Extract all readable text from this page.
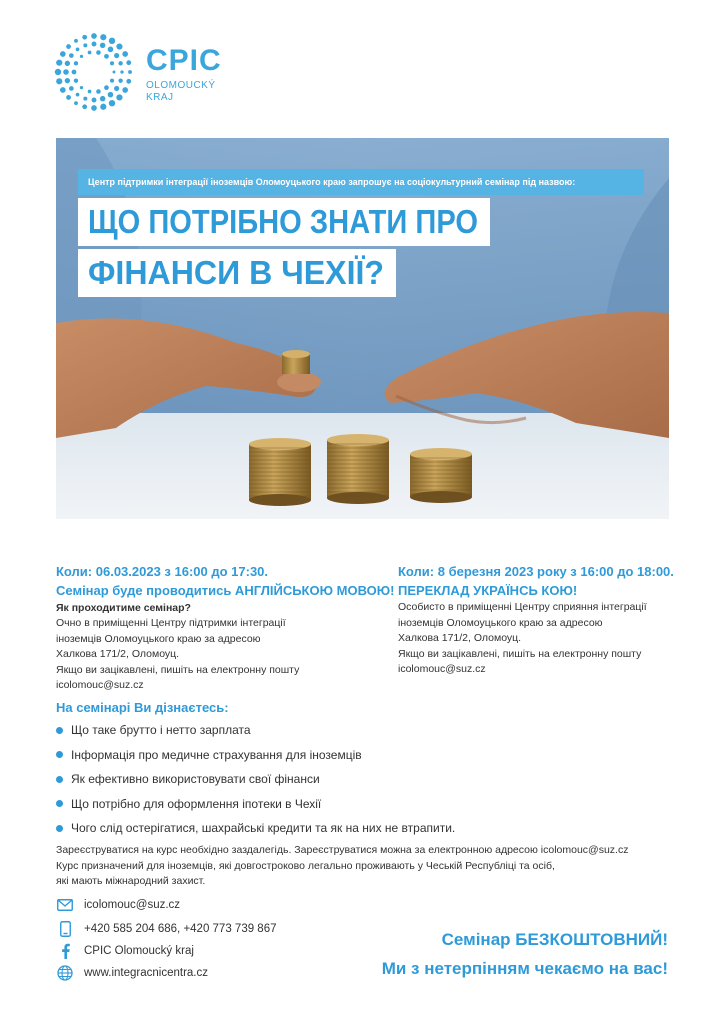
CPIC
OLOMOUCKÝ
KRAJ
Центр підтримки інтеграції іноземців Оломоуцького краю запрошує на соціокультурний семінар під назвою:
ЩО ПОТРІБНО ЗНАТИ ПРО
ФІНАНСИ В ЧЕХІЇ?
Коли: 06.03.2023 з 16:00 до 17:30.
Семінар буде проводитись АНГЛІЙСЬКОЮ МОВОЮ!
Як проходитиме семінар?
Очно в приміщенні Центру підтримки інтеграції
іноземців Оломоуцького краю за адресою
Халкова 171/2, Оломоуц.
Якщо ви зацікавлені, пишіть на електронну пошту
icolomouc@suz.cz
Коли: 8 березня 2023 року з 16:00 до 18:00.
ПЕРЕКЛАД УКРАЇНСЬ КОЮ!
Особисто в приміщенні Центру сприяння інтеграції
іноземців Оломоуцького краю за адресою
Халкова 171/2, Оломоуц.
Якщо ви зацікавлені, пишіть на електронну пошту
icolomouc@suz.cz
На семінарі Ви дізнаєтесь:
Що таке брутто і нетто зарплата
Інформація про медичне страхування для іноземців
Як ефективно використовувати свої фінанси
Що потрібно для оформлення іпотеки в Чехії
Чого слід остерігатися, шахрайські кредити та як на них не втрапити.
Зареєструватися на курс необхідно заздалегідь. Зареєструватися можна за електронною адресою icolomouc@suz.cz
Курс призначений для іноземців, які довгостроково легально проживають у Чеській Республіці та осіб,
які мають міжнародний захист.
icolomouc@suz.cz
+420 585 204 686, +420 773 739 867
CPIC Olomoucký kraj
www.integracnicentra.cz
Семінар БЕЗКОШТОВНИЙ!
Ми з нетерпінням чекаємо на вас!
